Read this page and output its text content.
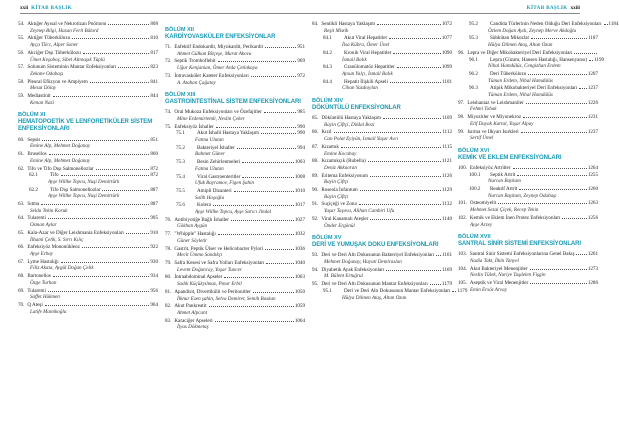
xxii KİTAB BAŞLIK	KİTAB BAŞLIK xxiii
54. Aktığer Ayısal ve Nekrotizan Pnömonı	808
Zeynep Bilgi, Hasan Ferit Bâlord
55. Aktiğer Tüberkülozu	810
Ayça Tilcc, Alper Soner
56. Akciğer Dışı Tüberkülozu	817
Ümet Keşoboş, Sibel Altınaşık Tüplü
57. Solunum Sisteminin Mantar Enfeksiyonları	823
Zekane Odabaşı
58. Pleural Efüzyon ve Ampiyem	841
Mesut Dölay
59. Mediastinit	844
Kenan Nazi
BÖLÜM XI
HEMATOPOETİK VE LENFORETİKÜLER SİSTEM ENFEKSİYONLARI
60. Sepsis	851
Emine Alp, Mehmet Doğanay
61. Brusellos	860
Emine Alp, Mehmet Doğanay
62. Tifo ve Tifo Dışı Salmonellozlar	872
62.1	Tifo	872
Ayşe Willke Topcu, Nuşi Demirtürk
62.2	Tifo Dışı Salmonellozlar	887
Ayşe Willke Topcu, Nuşi Demirtürk
63. Sıtma	887
Selda Tekin Koruk
64. Tularemi	905
Osman Aylar
65. Kala-Azar ve Diğer Leishmania Enfeksiyonları	910
İlhami Çelik, S. Sırrı Kılıç
66. Enfeksiyöz Mononükleoz	922
Ayşe Erbay
67. Lyme Hastalığı	930
Filiz Akata, Aygül Doğan Çelik
68. Bartonellos	934
Özge Turhan
69. Tularemi	956
Saffet Hükmen
70. Q Ateşi	964
Latife Mamikoğlu
BÖLÜM XII
KARDİYOVASKÜLER ENFEKSİYONLAR
71. Enfektif Endokardit, Miyokardit, Perikardit	951
Ahmet Gülkan Bilçeşe, Murat Akova
72. Septik Tromboflebit	969
Uğur Kenjanian, Ömer Arda Çetinkaya
73. İntravasküler Kateter Enfeksiyonları	972
A. Atahan Çağatay
BÖLÜM XIII
GASTROİNTESTİNAL SİSTEM ENFEKSİYONLARI
74. Oral Mukoza Enfeksiyonları ve Özefajitler	985
Mine Erdemirtemli, Neslin Çeker
75. Enfeksiyöz İshaller	990
75.1	Akut İshalli Hastaya Yaklaşım	990
Fatma Ulutan
75.2	Bakteriyel İshaller	994
Bahmet Güner
75.3	Besin Zehirlenmeleri	1003
Fatma Ulutan
75.4	Viral Gastroenteritler	1008
Ufuk Bayramov, Figen Şahin
75.5	Amipli Dizanteri	1010
Salih Hoşoğlu
75.6	Kolera	1017
Ayşe Willke Topcu, Ayşe Sarıcı Jindal
76. Antibiyotiğe Bağlı İshaller	1027
Gökhan Aygün
77. "Whipple" Hastalığı	1032
Güner Söyletir
78. Gastrit, Peptik Ülser ve Helicobacter Pylori	1036
Mecit Ümmo Sandıkçı
79. Safra Kesesi ve Safra Yolları Enfeksiyonları	1040
Levent Doğancay, Yaşar Tuncer
80. İntraabdominal Apseler	1063
Sadık Küçükyılmaz, Pınar Erbil
81. Apandisit, Divertikülit ve Peritonitler	1050
İlknur Esen şahin, Selva Demirer, Semih Baskan
82. Akut Pankreatit	1059
Ahmet Alpcant
83. Karaciğer Apseleri	1064
İlyas Dökmetaş
84. Sentikli Hastaya Yaklaşım	1072
Reşit Mistik
84.1	Akut Viral Hepatitler	1077
İlsa Kübra, Ömer Ünel
84.2	Kronik Viral Hepatitler	1090
İsmail Balık
84.3	Granülomatöz Hepatitler	1099
Aysun Yalçı, İsmail Balık
84.4	Hepatit İlişkili Apseli	1101
Cihan Yazdıoylan
BÖLÜM XIV
DÖKÜNTÜLÜ ENFEKSİYONLAR
85. Döküntülü Hastaya Yaklaşım	1109
Bayin Çiftçi, Dildal Bozi
86. Kızıl	1112
Can Polat Eyiyün, İsmail Yaşar Avcı
87. Kızamık	1115
Emine Kocabay
88. Kızamıkçık (Rubella)	1121
Deniz Akkaoran
89. Eritema Enfeksiyosum	1126
Bayin Çiftçi
90. Roseola İnfantum	1129
Bayin Çiftçi
91. Suçiçeği ve Zona	1132
Yaşar Taşova, Alihan Cambiri Ufu
92. Viral Kanamalı Ateşler	1140
Önder Ergönül
BÖLÜM XV
DERİ VE YUMUŞAK DOKU ENFEKSİYONLARI
93. Deri ve Deri Altı Dokusunun Bakteriyel Enfeksiyonları 1161
Mehmet Doğanay, Hayati Demiraslan
94. Diyabetik Ayak Enfeksiyonları	1169
M. Bülent Ertuğrul
95. Deri ve Deri Altı Dokusunun Mantar Enfeksiyonları	1179
95.1	Deri ve Deri Altı Dokusunun Mantar Enfeksiyonları 1179
Hülya Dilmen Ataş, Altan Ozan
95.2	Candida Türlerinin Neden Olduğu Deri Enfeksiyonları 1184
Özlem Doğan Aydı, Zeynep Merve Akdoğlu
95.3	Sübkütan Mikozlar	1187
Hülya Dilmen Ataş, Altan Ozan
96. Lepra ve Diğer Mikobakteriyel Deri Enfeksiyonları
96.1	Lepra (Cüzam, Hansen Hastalığı, Hansenyansı) 1199
Nihal Hamdülüs, Cengizhan Erdem
96.2	Deri Tüberkülozu	1207
Tüman Erdem, Nihal Hamdülüs
96.3	Atipik Mikobakteriyel Deri Enfeksiyonları 1237
Tüman Erdem, Nihal Hamdülüs
97. Leishaniaz ve Leishmaniler	1226
Fehmi Tobak
98. Miyozitler ve Miyonekroz	1231
Elif Duyak Kartal, Yaşar Alpay
99. Isırma ve Ilkyarı Isırkleri	1237
Sertif Ümel
BÖLÜM XVI
KEMİK VE EKLEM ENFEKSİYONLARI
100. Enfeksiyöz Artritler	1264
100.1	Septik Artrit	1255
Nurcan Baykam
100.2	Reaktif Artrit	1260
Nurcan Baykam, Zeynep Odabaşı
101. Osteomiyelit	1263
Mehmet Sezai Çiçek, Recep Tekin
102. Kemik ve Eklem İnen Protez Enfeksiyonları	1256
Ayşe Arzey
BÖLÜM XVII
SANTRAL SİNİR SİSTEMİ ENFEKSİYONLARI
103. Santral Sinir Sistemi Enfeksiyonlarına Genel Bakış	1261
Nadia Takt, İlkin Tanyel
104. Akut Bakteriyel Menenjitler	1273
Neslin Tülek, Nuriye Taşdelen Fişgin
105. Aseptik ve Viral Menenjitler	1286
Emin Ersöz Arvay
